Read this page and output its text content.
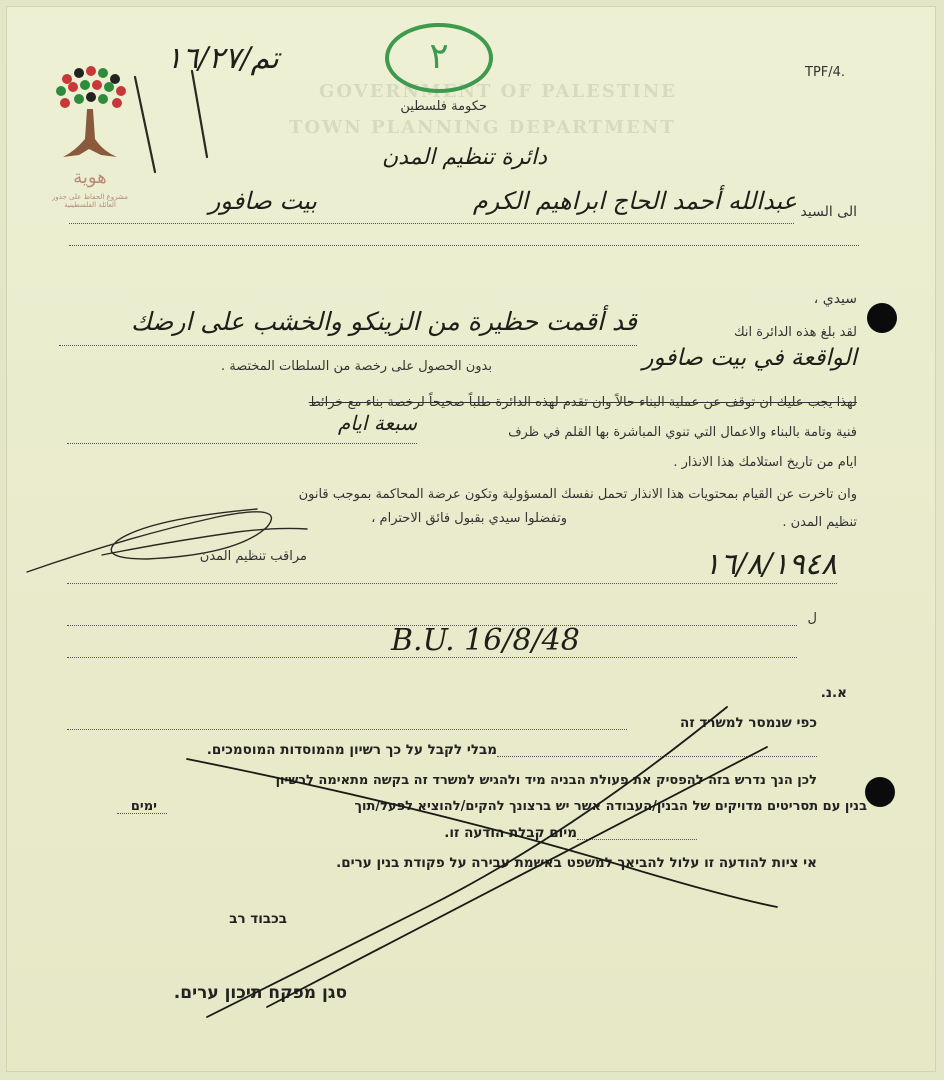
هوية
مشروع الحفاظ على جذور العائلة الفلسطينية
GOVERNMENT OF PALESTINE
TOWN PLANNING DEPARTMENT
تم/١٦/٢٧	٢	TPF/4.
حكومة فلسطين
دائرة تنظيم المدن
الى السيد
عبدالله أحمد الحاج ابراهيم الكرم
بيت صافور
سيدي ،
لقد بلغ هذه الدائرة انك
قد أقمت حظيرة من الزينكو والخشب على ارضك
الواقعة في بيت صافور
بدون الحصول على رخصة من السلطات المختصة .
لهذا يجب عليك ان توقف عن عملية البناء حالاً وان تقدم لهذه الدائرة طلباً صحيحاً لرخصة بناء مع خرائط
فنية وتامة بالبناء والاعمال التي تنوي المباشرة بها القلم في ظرف
سبعة ايام
ايام من تاريخ استلامك هذا الانذار .
وان تاخرت عن القيام بمحتويات هذا الانذار تحمل نفسك المسؤولية وتكون عرضة المحاكمة بموجب قانون
تنظيم المدن .
وتفضلوا سيدي بقبول فائق الاحترام ،
مراقب تنظيم المدن	١٦/٨/١٩٤٨
ل
B.U. 16/8/48
א.נ.
כפי שנמסר למשרד זה
מבלי לקבל על כך רשיון מהמוסדות המוסמכים.
לכן הנך נדרש בזה להפסיק את פעולת הבניה מיד ולהגיש למשרד זה בקשה מתאימה לרשיון
בנין עם תסריטים מדויקים של הבנין/העבודה אשר יש ברצונך להקים/להוציא לפעל/תוך
ימים
מיום קבלת הודעה זו.
אי ציות להודעה זו עלול להביאך למשפט באשמת עבירה על פקודת בנין ערים.
בכבוד רב
סגן מפקח תיכון ערים.
